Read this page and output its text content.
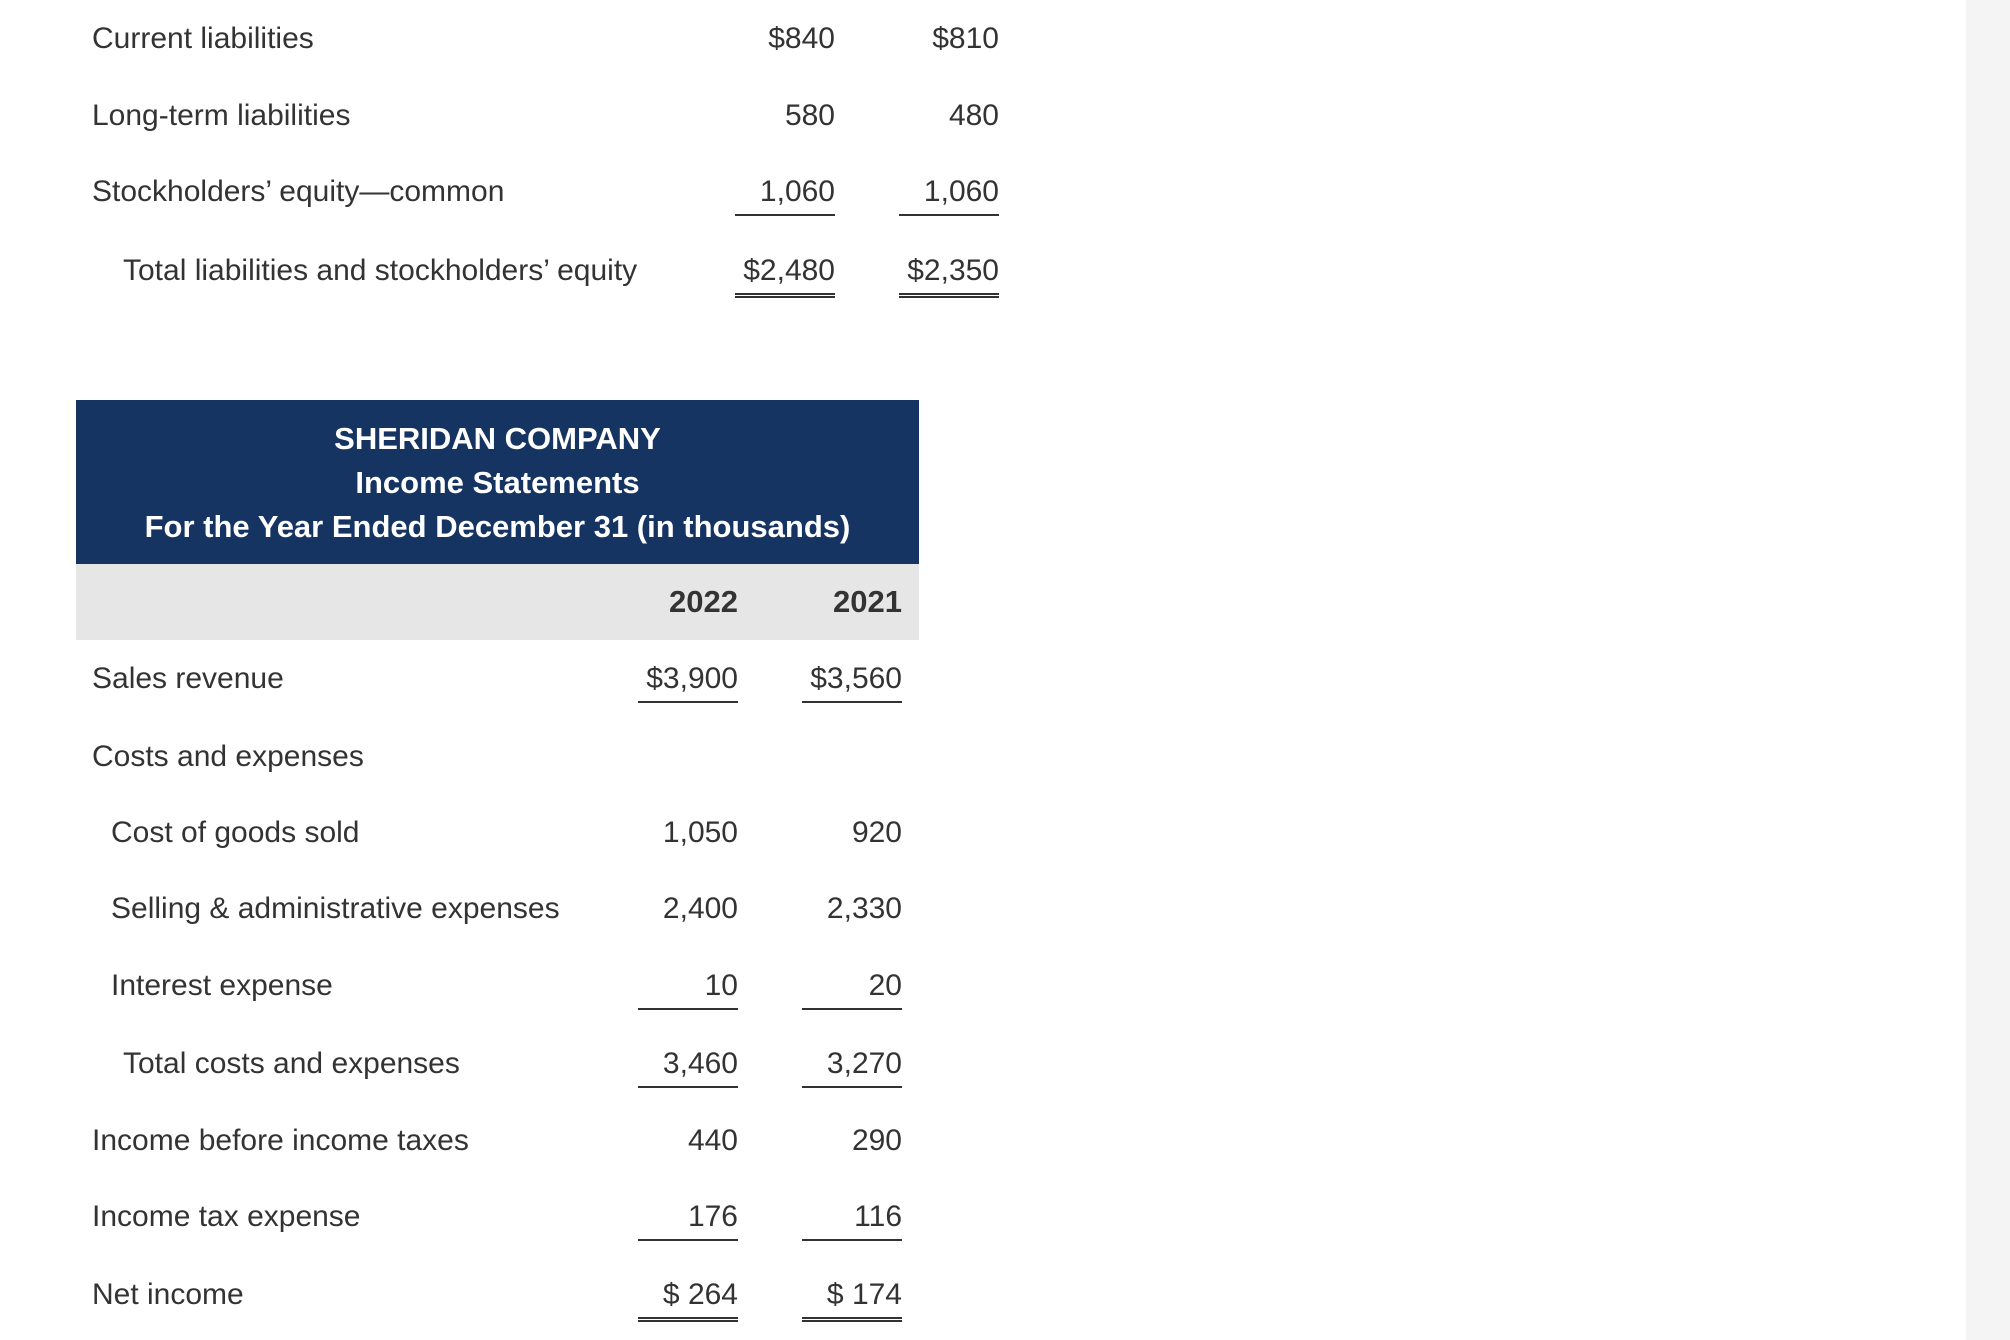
Current liabilities	$840	$810
Long-term liabilities	580	480
Stockholders’ equity—common	1,060	1,060
Total liabilities and stockholders’ equity	$2,480 $2,350
SHERIDAN COMPANY
Income Statements
For the Year Ended December 31 (in thousands)
2022	2021
Sales revenue	$3,900 $3,560
Costs and expenses
Cost of goods sold	1,050	920
Selling & administrative expenses	2,400	2,330
Interest expense	10	20
Total costs and expenses	3,460	3,270
Income before income taxes	440	290
Income tax expense	176	116
Net income	$ 264	$ 174
